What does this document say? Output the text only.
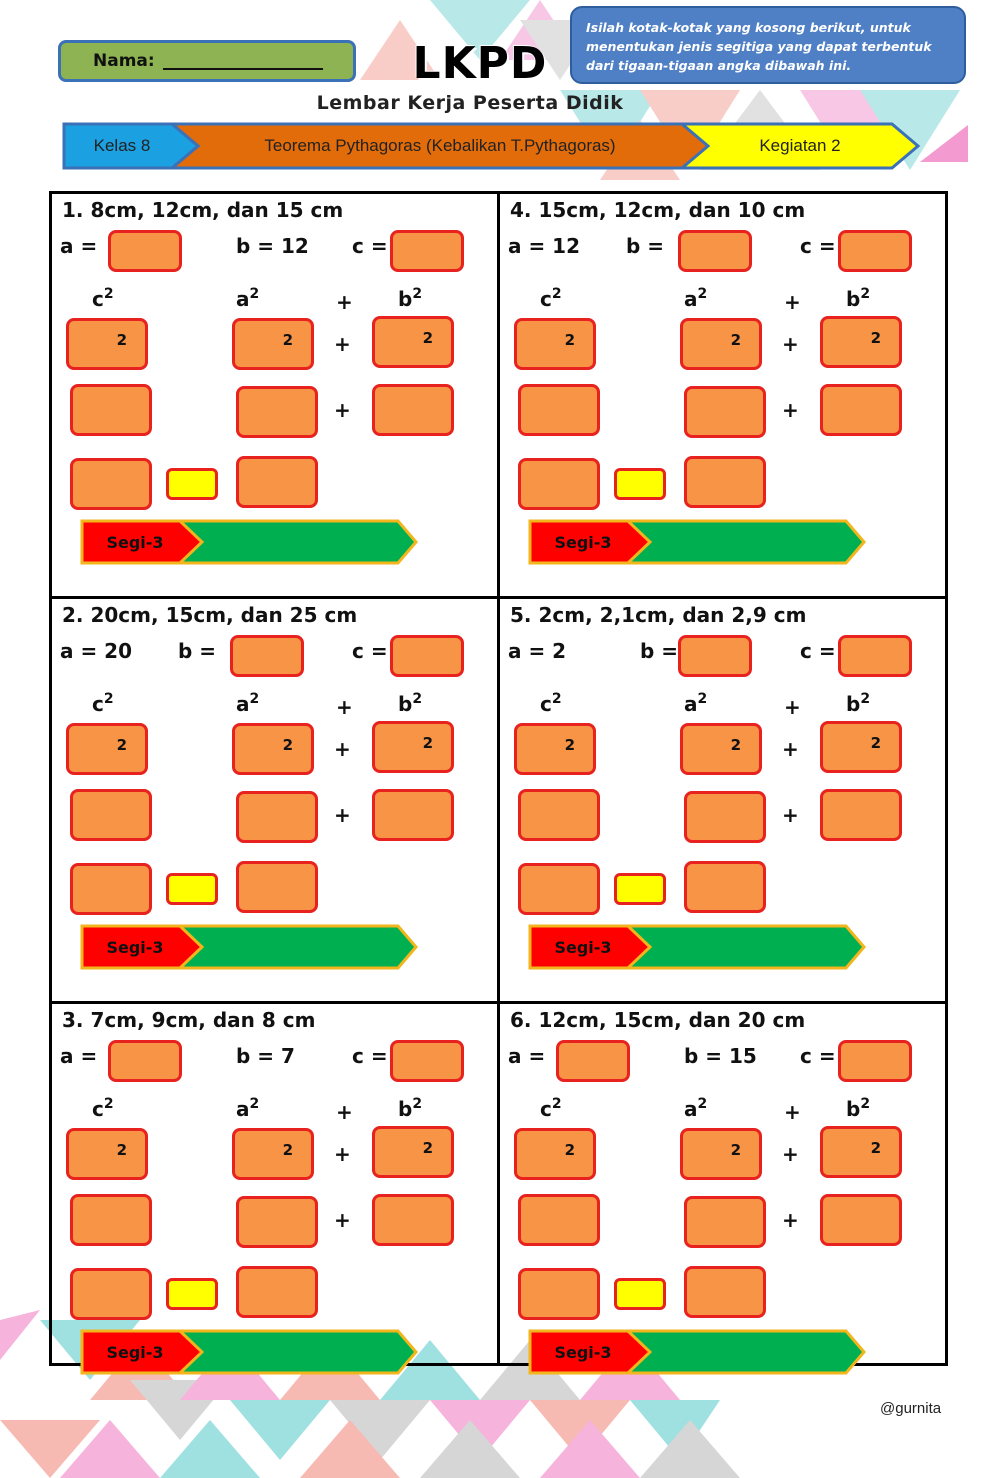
Nama:	LKPD
Lembar Kerja Peserta Didik
Isilah kotak-kotak yang kosong berikut, untuk menentukan jenis segitiga yang dapat terbentuk dari tigaan-tigaan angka dibawah ini.
Kelas 8	Teorema Pythagoras (Kebalikan T.Pythagoras)	Kegiatan 2
1. 8cm, 12cm, dan 15 cm
a =	b = 12 c =
$c^2$	$a^2$	+ $b^2$
2	2 +	2
+
Segi-3
4. 15cm, 12cm, dan 10 cm
a = 12 b =	c =
$c^2$	$a^2$	+ $b^2$
2	2 +	2
+
Segi-3
2. 20cm, 15cm, dan 25 cm
a = 20 b =	c =
$c^2$	$a^2$	+ $b^2$
2	2 +	2
+
Segi-3
5. 2cm, 2,1cm, dan 2,9 cm
a = 2	b =	c =
$c^2$	$a^2$	+ $b^2$
2	2 +	2
+
Segi-3
3. 7cm, 9cm, dan 8 cm
a =	b = 7	c =
$c^2$	$a^2$	+ $b^2$
2	2 +	2
+
Segi-3
6. 12cm, 15cm, dan 20 cm
a =	b = 15 c =
$c^2$	$a^2$	+ $b^2$
2	2 +	2
+
Segi-3
@gurnita
